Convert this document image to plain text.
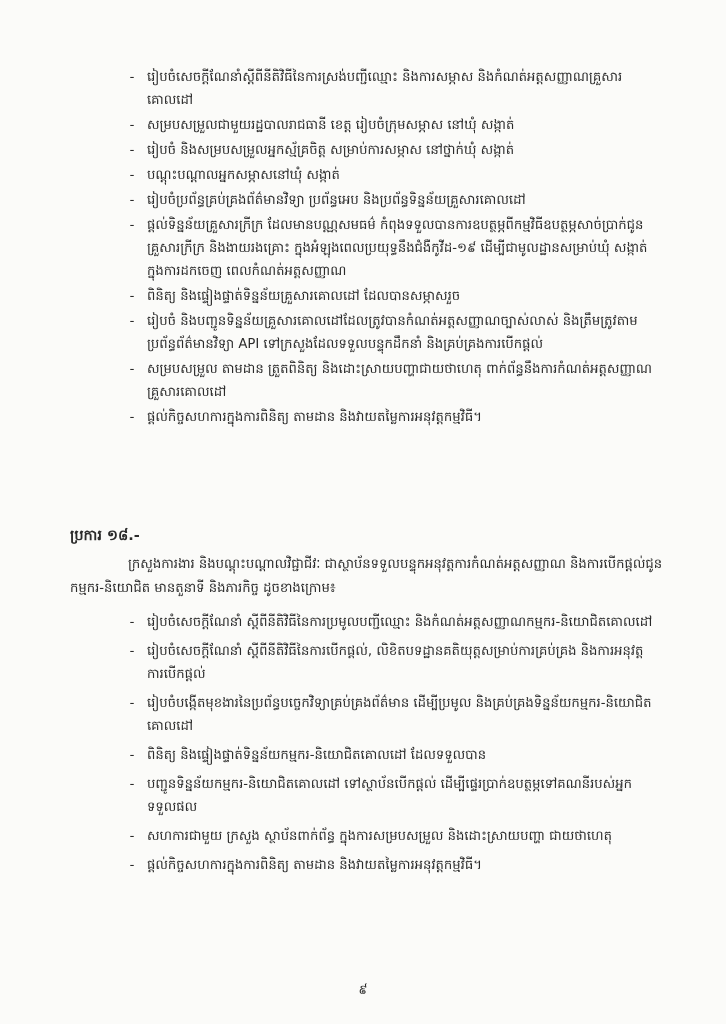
- រៀបចំសេចក្តីណែនាំស្តីពីនីតិវិធីនៃការស្រង់បញ្ជីឈ្មោះ និងការសម្ភាស និងកំណត់អត្តសញ្ញាណគ្រួសារគោលដៅ
- សម្របសម្រួលជាមួយរដ្ឋបាលរាជធានី ខេត្ត រៀបចំក្រុមសម្ភាស នៅឃុំ សង្កាត់
- រៀបចំ និងសម្របសម្រួលអ្នកស្ម័គ្រចិត្ត សម្រាប់ការសម្ភាស នៅថ្នាក់ឃុំ សង្កាត់
- បណ្តុះបណ្តាលអ្នកសម្ភាសនៅឃុំ សង្កាត់
- រៀបចំប្រព័ន្ធគ្រប់គ្រងព័ត៌មានវិទ្យា ប្រព័ន្ធអេប និងប្រព័ន្ធទិន្នន័យគ្រួសារគោលដៅ
- ផ្តល់ទិន្នន័យគ្រួសារក្រីក្រ ដែលមានបណ្ណសមធម៌ កំពុងទទួលបានការឧបត្ថម្ភពីកម្មវិធីឧបត្ថម្ភសាច់ប្រាក់ជូនគ្រួសារក្រីក្រ និងងាយរងគ្រោះ ក្នុងអំឡុងពេលប្រយុទ្ធនឹងជំងឺកូវីដ-១៩ ដើម្បីជាមូលដ្ឋានសម្រាប់ឃុំ សង្កាត់ ក្នុងការដកចេញ ពេលកំណត់អត្តសញ្ញាណ
- ពិនិត្យ និងផ្ទៀងផ្ទាត់ទិន្នន័យគ្រួសារគោលដៅ ដែលបានសម្ភាសរួច
- រៀបចំ និងបញ្ជូនទិន្នន័យគ្រួសារគោលដៅដែលត្រូវបានកំណត់អត្តសញ្ញាណច្បាស់លាស់ និងត្រឹមត្រូវតាមប្រព័ន្ធព័ត៌មានវិទ្យា API ទៅក្រសួងដែលទទួលបន្ទុកដឹកនាំ និងគ្រប់គ្រងការបើកផ្តល់
- សម្របសម្រួល តាមដាន ត្រួតពិនិត្យ និងដោះស្រាយបញ្ហាជាយថាហេតុ ពាក់ព័ន្ធនឹងការកំណត់អត្តសញ្ញាណគ្រួសារគោលដៅ
- ផ្តល់កិច្ចសហការក្នុងការពិនិត្យ តាមដាន និងវាយតម្លៃការអនុវត្តកម្មវិធី។
ប្រការ ១៨.-

ក្រសួងការងារ និងបណ្តុះបណ្តាលវិជ្ជាជីវៈ ជាស្ថាប័នទទួលបន្ទុកអនុវត្តការកំណត់អត្តសញ្ញាណ និងការបើកផ្តល់ជូនកម្មករ-និយោជិត មានតួនាទី និងភារកិច្ច ដូចខាងក្រោម៖

- រៀបចំសេចក្តីណែនាំ ស្តីពីនីតិវិធីនៃការប្រមូលបញ្ជីឈ្មោះ និងកំណត់អត្តសញ្ញាណកម្មករ-និយោជិតគោលដៅ
- រៀបចំសេចក្តីណែនាំ ស្តីពីនីតិវិធីនៃការបើកផ្តល់, លិខិតបទដ្ឋានគតិយុត្តសម្រាប់ការគ្រប់គ្រង និងការអនុវត្តការបើកផ្តល់
- រៀបចំបង្កើតមុខងារនៃប្រព័ន្ធបច្ចេកវិទ្យាគ្រប់គ្រងព័ត៌មាន ដើម្បីប្រមូល និងគ្រប់គ្រងទិន្នន័យកម្មករ-និយោជិតគោលដៅ
- ពិនិត្យ និងផ្ទៀងផ្ទាត់ទិន្នន័យកម្មករ-និយោជិតគោលដៅ ដែលទទួលបាន
- បញ្ជូនទិន្នន័យកម្មករ-និយោជិតគោលដៅ ទៅស្ថាប័នបើកផ្តល់ ដើម្បីផ្ទេរប្រាក់ឧបត្ថម្ភទៅគណនីរបស់អ្នកទទួលផល
- សហការជាមួយ ក្រសួង ស្ថាប័នពាក់ព័ន្ធ ក្នុងការសម្របសម្រួល និងដោះស្រាយបញ្ហា ជាយថាហេតុ
- ផ្តល់កិច្ចសហការក្នុងការពិនិត្យ តាមដាន និងវាយតម្លៃការអនុវត្តកម្មវិធី។
៩
